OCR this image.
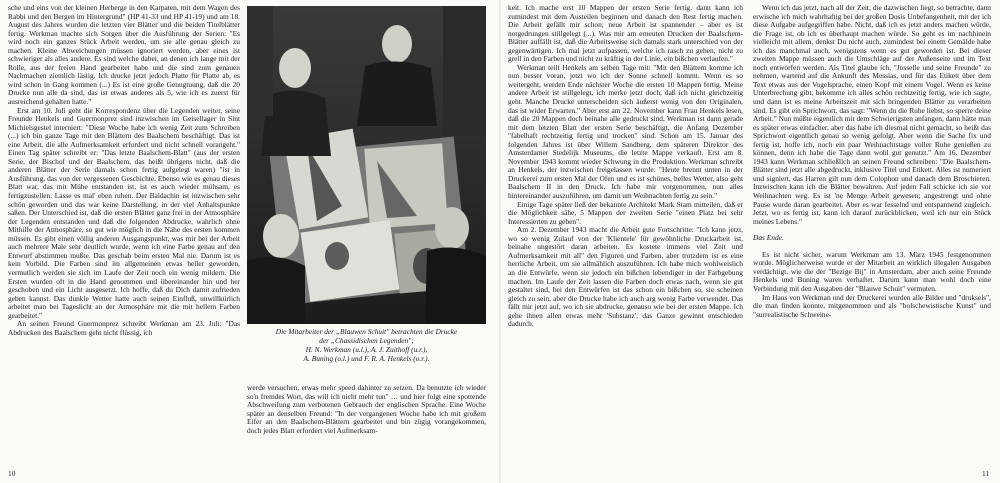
sche und eins von der kleinen Herberge in den Karpaten, mit dem Wagen des Rabbi und den Bergen im Hintergrund" (HP 41-33 und HP 41-19) und am 18. August des Jahres wurden die letzten vier Blätter und die beiden Titelblätter fertig. Werkman machte sich Sorgen über die Ausführung der Serien: "Es wird noch ein ganzes Stück Arbeit werden, um sie alle genau gleich zu machen. Kleine Abweichungen müssen ignoriert werden, aber eines ist schwieriger als alles andere. Es sind welche dabei, an denen ich lange mit der Rolle, aus der freien Hand gearbeitet habe und die sind zum genauen Nachmachen ziemlich lästig. Ich drucke jetzt jedoch Platte für Platte ab, es wird schon in Gang kommen (...) Es ist eine große Genugtuung, daß die 20 Drucke nun alle da sind, das ist etwas anderes als 5, wie ich es zuerst für ausreichend gehalten hatte."

Erst am 10. Juli geht die Korrespondenz über die Legenden weiter, seine Freunde Henkels und Guermonprez sind inzwischen im Geisellager in Sint Michielsgestel interniert: "Diese Woche habe ich wenig Zeit zum Schreiben (...) ich bin ganze Tage mit den Blättern des Baalschem beschäftigt. Das ist eine Arbeit, die alle Aufmerksamkeit erfordert und nicht schnell vorangeht." Einen Tag später schreibt er: "Das letzte Baalschem-Blatt" (aus der ersten Serie, der Bischof und der Baalschem, das heißt übrigens nicht, daß die anderen Blätter der Serie damals schon fertig aufgelegt waren) "ist in Ausführung, das von der vergessenen Geschichte. Ebenso wie es genau dieses Blatt war, das mit Mühe entstanden ist, ist es auch wieder mühsam, es fertigzustellen. Lasse es mal' eben ruhen. Der Baldachin ist inzwischen sehr schön geworden und das war keine Darstellung, in der viel Anhaltspunkte saßen. Der Unterschied ist, daß die ersten Blätter ganz frei in der Atmosphäre der Legenden entstanden und daß die folgenden Abdrucke, wahrlich ohne Mithilfe der Atmosphäre, so gut wie möglich in die Nähe des ersten kommen müssen. Es gibt einen völlig anderen Ausgangspunkt, was mir bei der Arbeit auch mehrere Male sehr deutlich wurde, wenn ich eine Farbe genau auf den Entwurf abstimmen mußte. Das geschah beim ersten Mal nie. Darum ist es kein Vorbild. Die Farben sind im allgemeinen etwas heller geworden, vermutlich werden sie sich im Laufe der Zeit noch ein wenig mildern. Die Ersten wurden oft in die Hand genommen und übereinander hin und her geschoben und ein Licht ausgesetzt. Ich hoffe, daß du Dich damit zufrieden geben kannst. Das dunkle Wetter hatte auch seinen Einfluß, unwillkürlich arbeitet man bei Tageslicht an der Atmosphäre mit die mit hellem Farben gearbeitet."

An seinen Freund Guermonprez schreibt Werkman am 23. Juli: "Das Abdrucken des Baalschem geht nicht flüssig, ich	Die Mitarbeiter der „Blauwen Schuit" betrachten die Drucke
der „Chassidischen Legenden";
H. N. Werkman (u.l.), A. J. Zuithoff (u.r.),
A. Buning (o.l.) und F. R. A. Henkels (o.r.).

werde versuchen, etwas mehr speed dahinter zu setzen. Da benutzte ich wieder so'n fremdes Wort, das will ich nicht mehr tun" … und hier folgt eine spottende Abschweifung zum verbotenen Gebrauch der englischen Sprache. Eine Woche später an denselben Freund: "In der vergangenen Woche habe ich mit großem Eifer an den Baalschem-Blättern gearbeitet und bin zügig vorangekommen, doch jedes Blatt erfordert viel Aufmerksam-

10

keit. Ich mache erst 10 Mappen der ersten Serie fertig, dann kann ich zumindest mit dem Austeilen beginnen und danach den Rest fertig machen. Die Arbeit gefällt mir schon; neue Arbeit ist spannender – aber es ist notgedrungen stillgelegt (...). Was mir am erneuten Drucken der Baalschem-Blätter auffällt ist, daß die Arbeitsweise sich damals stark unterschied von der gegenwärtigen. Ich mal jetzt aufpassen, welche ich rasch zu gehen, nicht zu grell in den Farben und nicht zu kräftig in der Linie, ein bißchen verlaufen."

Werkman teilt Henkels am selben Tage mit: "Mit den Blättern komme ich nun besser voran, jetzt wo ich der Sonne schnell kommt. Wenn es so weitergeht, werden Ende nächster Woche die ersten 10 Mappen fertig. Meine andere Arbeit ist stillgelegt, ich merke jetzt doch, daß ich nicht gleichzeitig geht. Manche Drucke unterscheiden sich äußerst wenig von den Originalen, das ist wider Erwarten." Aber erst am 22. November kann Frau Henkels lesen, daß die 20 Mappen doch beinahe alle gedruckt sind, Werkman ist dann gerade mit dem letzten Blatt der ersten Serie beschäftigt, die Anfang Dezember "fabelhaft rechtzeitig fertig und trocken" sind. Schon am 15. Januar des folgenden Jahres ist über Willem Sandberg, dem späteren Direktor des Amsterdamer Stedelijk Museums, die letzte Mappe verkauft. Erst am 8. November 1943 kommt wieder Schwung in die Produktion. Werkman schreibt an Henkels, der inzwischen freigelassen wurde: "Heute brennt unten in der Druckerei zum ersten Mal der Ofen und es ist schönes, helles Wetter, also geht Baalschem II in den Druck. Ich habe mir vorgenommen, nun alles hintereinander auszuführen, um damit um Weihnachten fertig zu sein."

Einige Tage später ließ der bekannte Architekt Mark Stam mitteilen, daß er die Möglichkeit sähe, 5 Mappen der zweiten Serie "einen Platz bei sehr Interessierten zu geben".

Am 2. Dezember 1943 macht die Arbeit gute Fortschritte: "Ich kann jetzt, wo so wenig Zulauf von der 'Klientele' für gewöhnliche Druckarbeit ist, beinahe ungestört daran arbeiten. Es kostete immens viel Zeit und Aufmerksamkeit mit all" den Figuren und Farben, aber trotzdem ist es eine herrliche Arbeit, um sie allmählich auszuführen. Ich habe mich wohlweislich an die Entwürfe, wenn sie jedoch ein bißchen lebendiger in der Farbgebung machen. Im Laufe der Zeit lassen die Farben doch etwas nach, wenn sie gut gestaltet sind, bei den Entwürfen ist das schon ein bißchen so, sie scheinen gleich zu sein, aber die Drucke habe ich auch arg wenig Farbe verwendet. Das fällt mir jetzt auf, wo ich sie abdrucke, genauso wie bei der ersten Mappe. Ich gehe ihnen allen etwas mehr 'Substanz', das Ganze gewinnt entschieden dadurch.

Wenn ich das jetzt, nach all der Zeit, die dazwischen liegt, so betrachte, dann erwische ich mich wahrhaftig bei der großen Dosis Unbefangenheit, mit der ich diese Aufgabe aufgegriffen habe. Nicht, daß ich es jetzt anders machen würde, die Frage ist, ob ich es überhaupt machen würde. So geht es im nachhinein vielleicht mit allem, denkst Du nicht auch, zumindest bei einem Gemälde habe ich das manchmal auch, wenigstens wenn es gut geworden ist. Bei dieser zweiten Mappe müssen auch die Umschläge auf der Außenseite und im Text noch entworfen werden. Als Titel glaube ich, "Josselle und seine Freunde" zu nehmen, wartend auf die Ankunft des Messias, und für das Etikett über dem Text etwas aus der Vogelsprache, einen Kopf mit einem Vogel. Wenn es keine Unterbrechung gibt, bekomme ich alles schön rechtzeitig fertig, wie ich sagte, und dann ist es meine Arbeitszeit mit sich bringenden Blätter zu verarbeiten sind. Es gibt ein Sprichwort, das sagt: "Wenn du die Ruhe liebst, so sperre deine Arbeit." Nun müßte eigentlich mit dem Schwierigsten anfangen, dann hätte man es später etwas einfacher, aber das habe ich diesmal nicht gemacht, so heißt das Sprichwort eigentlich genau so wenig gefolgt. Aber wenn die Sache fix und fertig ist, hoffe ich, noch ein paar Weihnachtstage voller Ruhe genießen zu können, denn ich habe die Tage dann wohl gut genutzt." Am 16. Dezember 1943 kann Werkman schließlich an seinen Freund schreiben: "Die Baalschem-Blätter sind jetzt alle abgedruckt, inklusive Titel und Etikett. Alles ist numeriert und signiert, das Harren gilt nun dem Colophon und danach dem Broschieren. Inzwischen kann ich die Blätter bewahren. Auf jeden Fall schicke ich sie vor Weihnachten weg. Es ist 'ne Menge Arbeit gewesen; angestrengt und ohne Pause wurde daran gearbeitet. Aber es war fesselnd und entspannend zugleich. Jetzt, wo es fertig ist, kann ich darauf zurückblicken, weil ich nur ein Stück meines Lebens."

Das Ende.

Es ist nicht sicher, warum Werkman am 13. März 1945 festgenommen wurde. Möglicherweise wurde er der Mitarbeit an wirklich illegalen Ausgaben verdächtigt, wie die der "Bezige Bij" in Amsterdam, aber auch seine Freunde Henkels und Buning waren verhaftet. Darum kann man wohl doch eine Verbindung mit den Ausgaben der "Blauwe Schuit" vermuten.

Im Haus von Werkman und der Druckerei wurden alle Bilder und "druksels", die man finden konnte, mitgenommen und als "bolschewistische Kunst" und "surrealistische Schweine-

11
